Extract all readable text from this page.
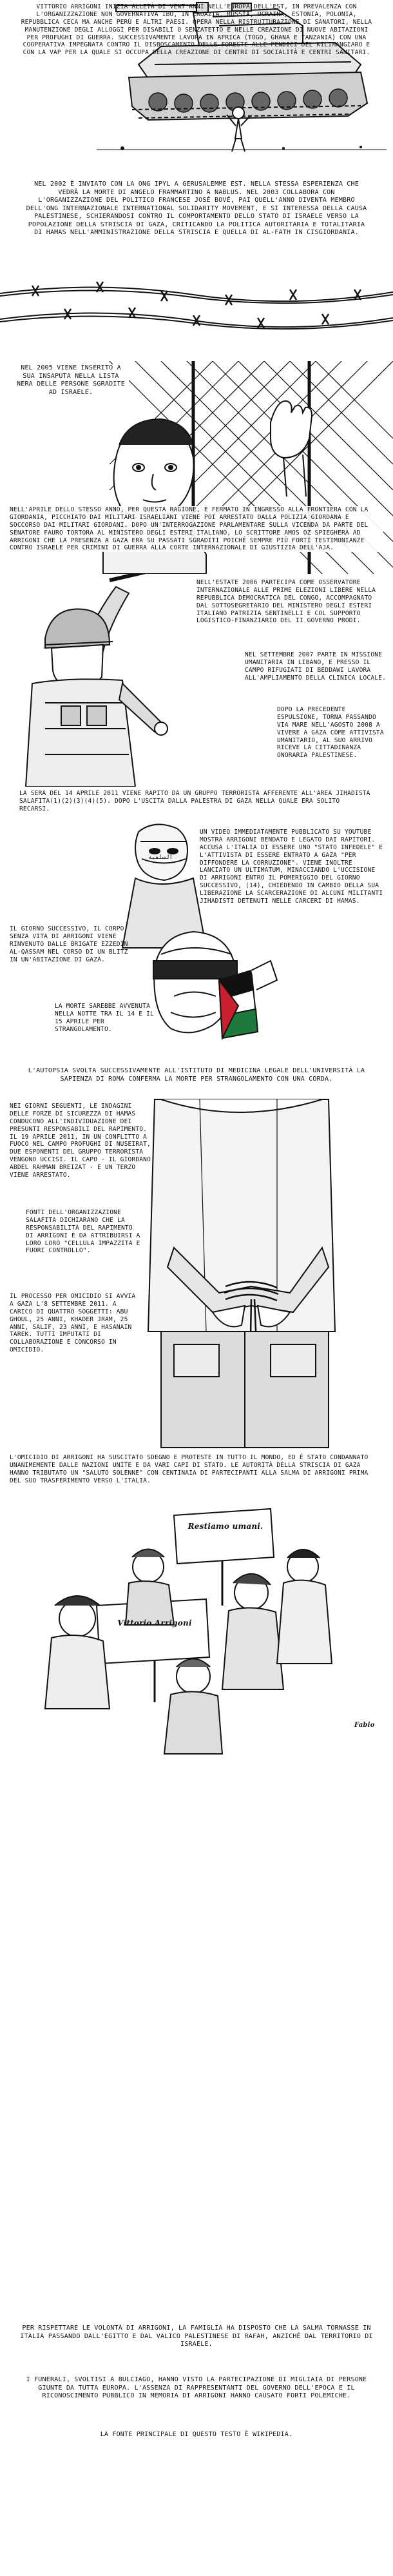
VITTORIO ARRIGONI INIZIA ALLETÀ DI VENT'ANNI NELL'EUROPA DELL'EST, IN PREVALENZA CON L'ORGANIZZAZIONE NON GOVERNATIVA IBO, IN CROAZIA, RUSSIA, UCRAINA, ESTONIA, POLONIA, REPUBBLICA CECA MA ANCHE PERÙ E ALTRI PAESI. OPERA NELLA RISTRUTTURAZIONE DI SANATORI, NELLA MANUTENZIONE DEGLI ALLOGGI PER DISABILI O SENZATETTO E NELLE CREAZIONE DI NUOVE ABITAZIONI PER PROFUGHI DI GUERRA. SUCCESSIVAMENTE LAVORA IN AFRICA (TOGO, GHANA E TANZANIA) CON UNA COOPERATIVA IMPEGNATA CONTRO IL DISBOSCAMENTO DELLE FORESTE ALLE PENDICI DEL KILIMANGIARO E CON LA VAP PER LA QUALE SI OCCUPA DELLA CREAZIONE DI CENTRI DI SOCIALITÀ E CENTRI SANITARI.
NEL 2002 È INVIATO CON LA ONG IPYL A GERUSALEMME EST. NELLA STESSA ESPERIENZA CHE VEDRÀ LA MORTE DI ANGELO FRAMMARTINO A NABLUS. NEL 2003 COLLABORA CON L'ORGANIZZAZIONE DEL POLITICO FRANCESE JOSÉ BOVÉ, PAI QUELL'ANNO DIVENTA MEMBRO DELL'ONG INTERNAZIONALE INTERNATIONAL SOLIDARITY MOVEMENT, E SI INTERESSA DELLA CAUSA PALESTINESE, SCHIERANDOSI CONTRO IL COMPORTAMENTO DELLO STATO DI ISRAELE VERSO LA POPOLAZIONE DELLA STRISCIA DI GAZA, CRITICANDO LA POLITICA AUTORITARIA E TOTALITARIA DI HAMAS NELL'AMMINISTRAZIONE DELLA STRISCIA E QUELLA DI AL-FATH IN CISGIORDANIA.
NEL 2005 VIENE INSERITO A SUA INSAPUTA NELLA LISTA NERA DELLE PERSONE SGRADITE AD ISRAELE.
NELL'APRILE DELLO STESSO ANNO, PER QUESTA RAGIONE, È FERMATO IN INGRESSO ALLA FRONTIERA CON LA GIORDANIA, PICCHIATO DAI MILITARI ISRAELIANI VIENE POI ARRESTATO DALLA POLIZIA GIORDANA E SOCCORSO DAI MILITARI GIORDANI. DOPO UN'INTERROGAZIONE PARLAMENTARE SULLA VICENDA DA PARTE DEL SENATORE FAURO TORTORA AL MINISTERO DEGLI ESTERI ITALIANO, LO SCRITTORE AMOS OZ SPIEGHERÀ AD ARRIGONI CHE LA PRESENZA A GAZA ERA SU PASSATI SGRADITI POICHÉ SEMPRE PIÙ FORTI TESTIMONIANZE CONTRO ISRAELE PER CRIMINI DI GUERRA ALLA CORTE INTERNAZIONALE DI GIUSTIZIA DELL'AJA.
NELL'ESTATE 2006 PARTECIPA COME OSSERVATORE INTERNAZIONALE ALLE PRIME ELEZIONI LIBERE NELLA REPUBBLICA DEMOCRATICA DEL CONGO, ACCOMPAGNATO DAL SOTTOSEGRETARIO DEL MINISTERO DEGLI ESTERI ITALIANO PATRIZIA SENTINELLI E COL SUPPORTO LOGISTICO-FINANZIARIO DEL II GOVERNO PRODI.
NEL SETTEMBRE 2007 PARTE IN MISSIONE UMANITARIA IN LIBANO, E PRESSO IL CAMPO RIFUGIATI DI BEDDAWI LAVORA ALL'AMPLIAMENTO DELLA CLINICA LOCALE.
DOPO LA PRECEDENTE ESPULSIONE, TORNA PASSANDO VIA MARE NELL'AGOSTO 2008 A VIVERE A GAZA COME ATTIVISTA UMANITARIO, AL SUO ARRIVO RICEVE LA CITTADINANZA ONORARIA PALESTINESE.
LA SERA DEL 14 APRILE 2011 VIENE RAPITO DA UN GRUPPO TERRORISTA AFFERENTE ALL'AREA JIHADISTA SALAFITA(1)(2)(3)(4)(5). DOPO L'USCITA DALLA PALESTRA DI GAZA NELLA QUALE ERA SOLITO RECARSI.
السلفية
UN VIDEO IMMEDIATAMENTE PUBBLICATO SU YOUTUBE MOSTRA ARRIGONI BENDATO E LEGATO DAI RAPITORI. ACCUSA L'ITALIA DI ESSERE UNO "STATO INFEDELE" E L'ATTIVISTA DI ESSERE ENTRATO A GAZA "PER DIFFONDERE LA CORRUZIONE". VIENE INOLTRE LANCIATO UN ULTIMATUM, MINACCIANDO L'UCCISIONE DI ARRIGONI ENTRO IL POMERIGGIO DEL GIORNO SUCCESSIVO, (14), CHIEDENDO IN CAMBIO DELLA SUA LIBERAZIONE LA SCARCERAZIONE DI ALCUNI MILITANTI JIHADISTI DETENUTI NELLE CARCERI DI HAMAS.
IL GIORNO SUCCESSIVO, IL CORPO SENZA VITA DI ARRIGONI VIENE RINVENUTO DALLE BRIGATE EZZEDIN AL-QASSAM NEL CORSO DI UN BLITZ IN UN'ABITAZIONE DI GAZA.
LA MORTE SAREBBE AVVENUTA NELLA NOTTE TRA IL 14 E IL 15 APRILE PER STRANGOLAMENTO.
L'AUTOPSIA SVOLTA SUCCESSIVAMENTE ALL'ISTITUTO DI MEDICINA LEGALE DELL'UNIVERSITÀ LA SAPIENZA DI ROMA CONFERMA LA MORTE PER STRANGOLAMENTO CON UNA CORDA.
NEI GIORNI SEGUENTI, LE INDAGINI DELLE FORZE DI SICUREZZA DI HAMAS CONDUCONO ALL'INDIVIDUAZIONE DEI PRESUNTI RESPONSABILI DEL RAPIMENTO. IL 19 APRILE 2011, IN UN CONFLITTO A FUOCO NEL CAMPO PROFUGHI DI NUSEIRAT, DUE ESPONENTI DEL GRUPPO TERRORISTA VENGONO UCCISI. IL CAPO - IL GIORDANO ABDEL RAHMAN BREIZAT - E UN TERZO VIENE ARRESTATO.
FONTI DELL'ORGANIZZAZIONE SALAFITA DICHIARANO CHE LA RESPONSABILITÀ DEL RAPIMENTO DI ARRIGONI È DA ATTRIBUIRSI A LORO LORO "CELLULA IMPAZZITA E FUORI CONTROLLO".
IL PROCESSO PER OMICIDIO SI AVVIA A GAZA L'8 SETTEMBRE 2011. A CARICO DI QUATTRO SOGGETTI: ABU GHOUL, 25 ANNI, KHADER JRAM, 25 ANNI, SALIF, 23 ANNI, E HASANAIN TAREK. TUTTI IMPUTATI DI COLLABORAZIONE E CONCORSO IN OMICIDIO.
L'OMICIDIO DI ARRIGONI HA SUSCITATO SDEGNO E PROTESTE IN TUTTO IL MONDO, ED È STATO CONDANNATO UNANIMEMENTE DALLE NAZIONI UNITE E DA VARI CAPI DI STATO. LE AUTORITÀ DELLA STRISCIA DI GAZA HANNO TRIBUTATO UN "SALUTO SOLENNE" CON CENTINAIA DI PARTECIPANTI ALLA SALMA DI ARRIGONI PRIMA DEL SUO TRASFERIMENTO VERSO L'ITALIA.
Restiamo umani.
Vittorio Arrigoni
Fabio
PER RISPETTARE LE VOLONTÀ DI ARRIGONI, LA FAMIGLIA HA DISPOSTO CHE LA SALMA TORNASSE IN ITALIA PASSANDO DALL'EGITTO E DAL VALICO PALESTINESE DI RAFAH, ANZICHÉ DAL TERRITORIO DI ISRAELE.
I FUNERALI, SVOLTISI A BULCIAGO, HANNO VISTO LA PARTECIPAZIONE DI MIGLIAIA DI PERSONE GIUNTE DA TUTTA EUROPA. L'ASSENZA DI RAPPRESENTANTI DEL GOVERNO DELL'EPOCA E IL RICONOSCIMENTO PUBBLICO IN MEMORIA DI ARRIGONI HANNO CAUSATO FORTI POLEMICHE.
LA FONTE PRINCIPALE DI QUESTO TESTO È WIKIPEDIA.
